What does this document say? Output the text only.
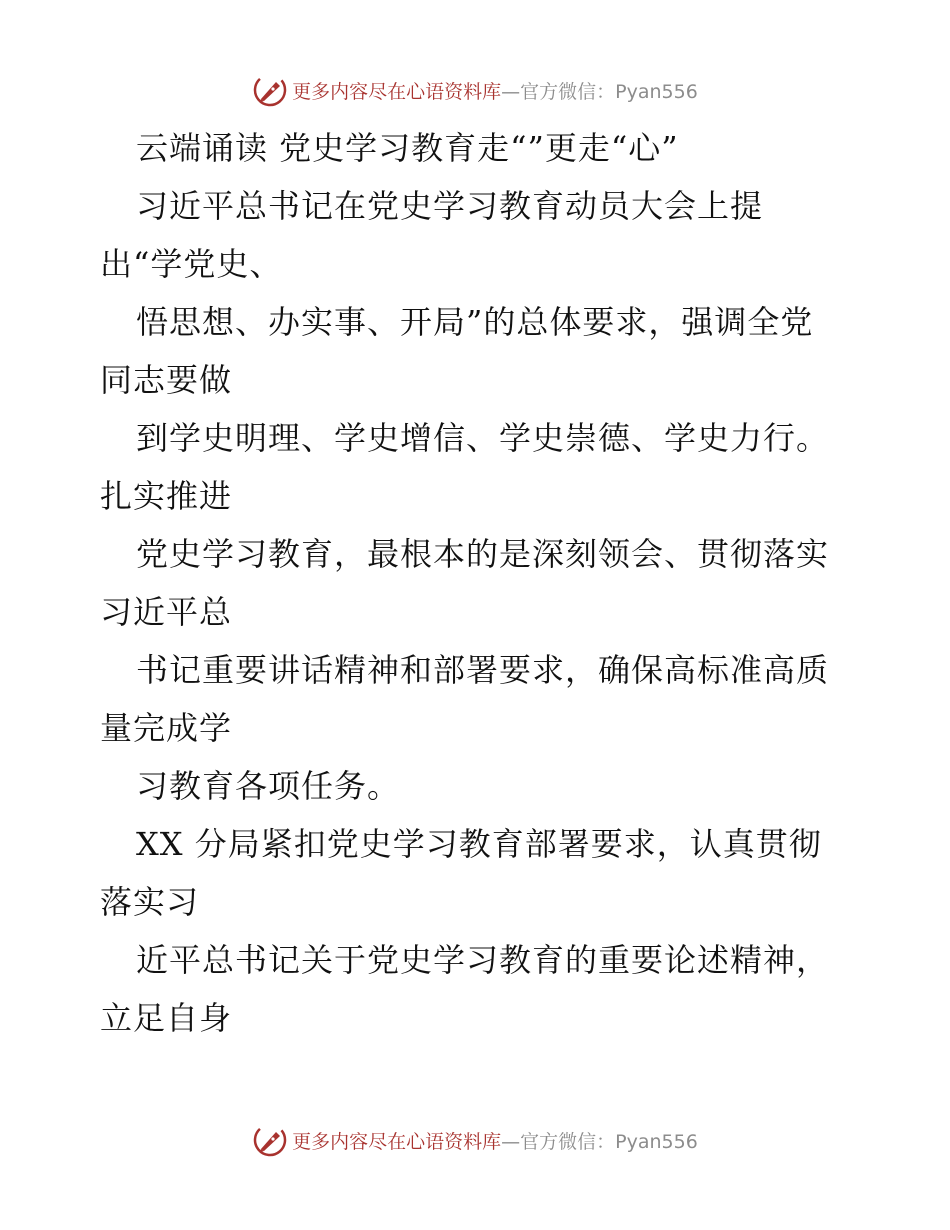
更多内容尽在心语资料库 —官方微信：Pyan556
云端诵读 党史学习教育走“”更走“心”
习近平总书记在党史学习教育动员大会上提
出“学党史、
悟思想、办实事、开局”的总体要求，强调全党
同志要做
到学史明理、学史增信、学史崇德、学史力行。
扎实推进
党史学习教育，最根本的是深刻领会、贯彻落实
习近平总
书记重要讲话精神和部署要求，确保高标准高质
量完成学
习教育各项任务。
XX 分局紧扣党史学习教育部署要求，认真贯彻
落实习
近平总书记关于党史学习教育的重要论述精神，
立足自身
更多内容尽在心语资料库 —官方微信：Pyan556
